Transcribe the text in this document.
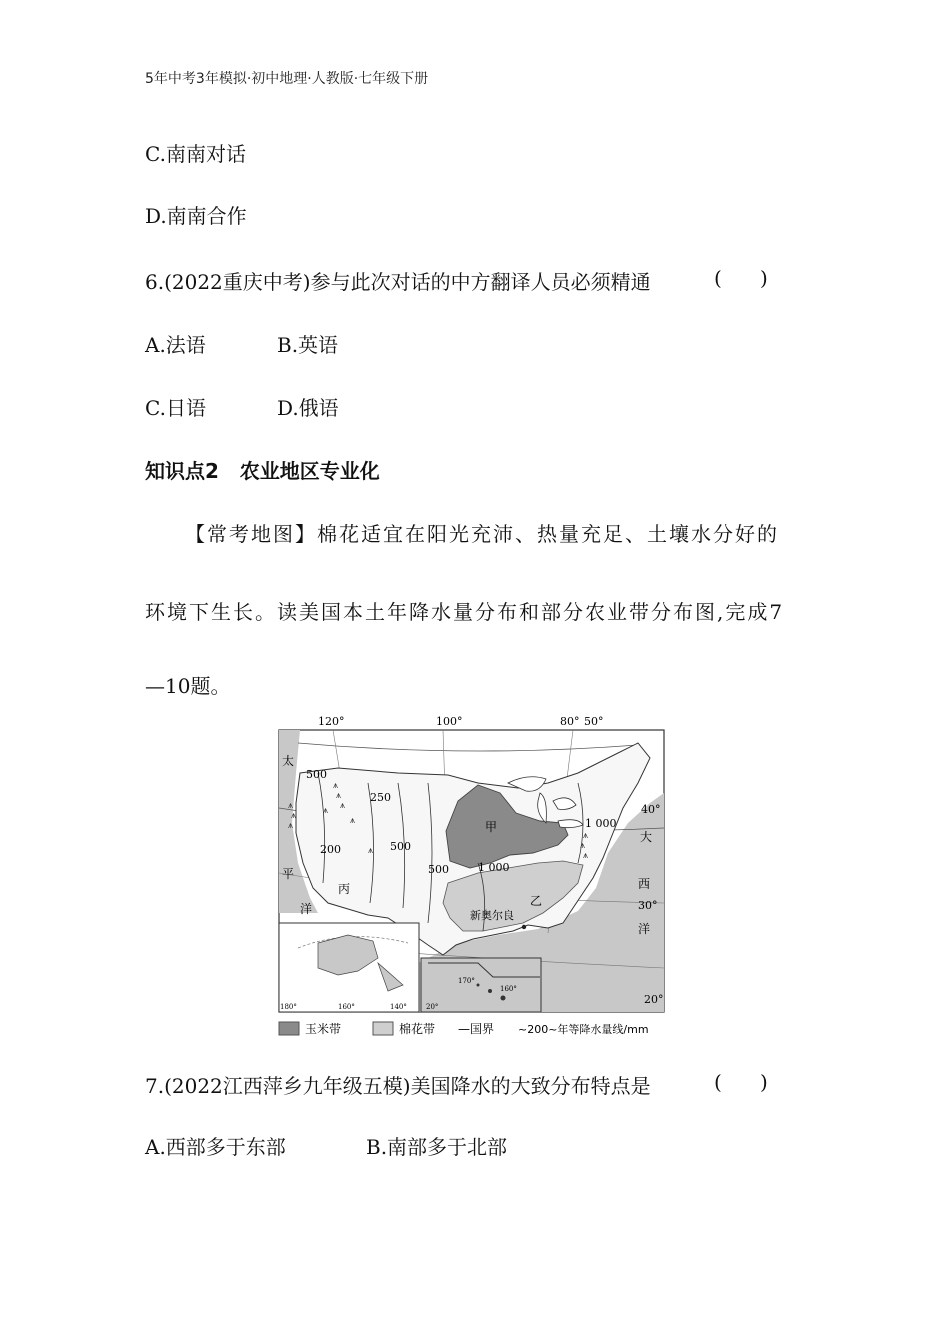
5年中考3年模拟·初中地理·人教版·七年级下册
C.南南对话
D.南南合作
6.(2022重庆中考)参与此次对话的中方翻译人员必须精通	(      )
A.法语	B.英语
C.日语	D.俄语
知识点2   农业地区专业化
【常考地图】棉花适宜在阳光充沛、热量充足、土壤水分好的
环境下生长。读美国本土年降水量分布和部分农业带分布图,完成7
—10题。
120°	100°	80° 50°
⩚
⩚
⩚
⩚
⩚
⩚
⩚
⩚
⩚
⩚
⩚
⩚
太
平
洋
大
西
洋
40°
30°
20°
500
250
200	500
500	1 000
1 000
甲
乙
丙
新奥尔良
180°	160°	140°
170°
160°
20°
玉米带	棉花带 —国界 ~200~年等降水量线/mm
7.(2022江西萍乡九年级五模)美国降水的大致分布特点是	(      )
A.西部多于东部	B.南部多于北部
